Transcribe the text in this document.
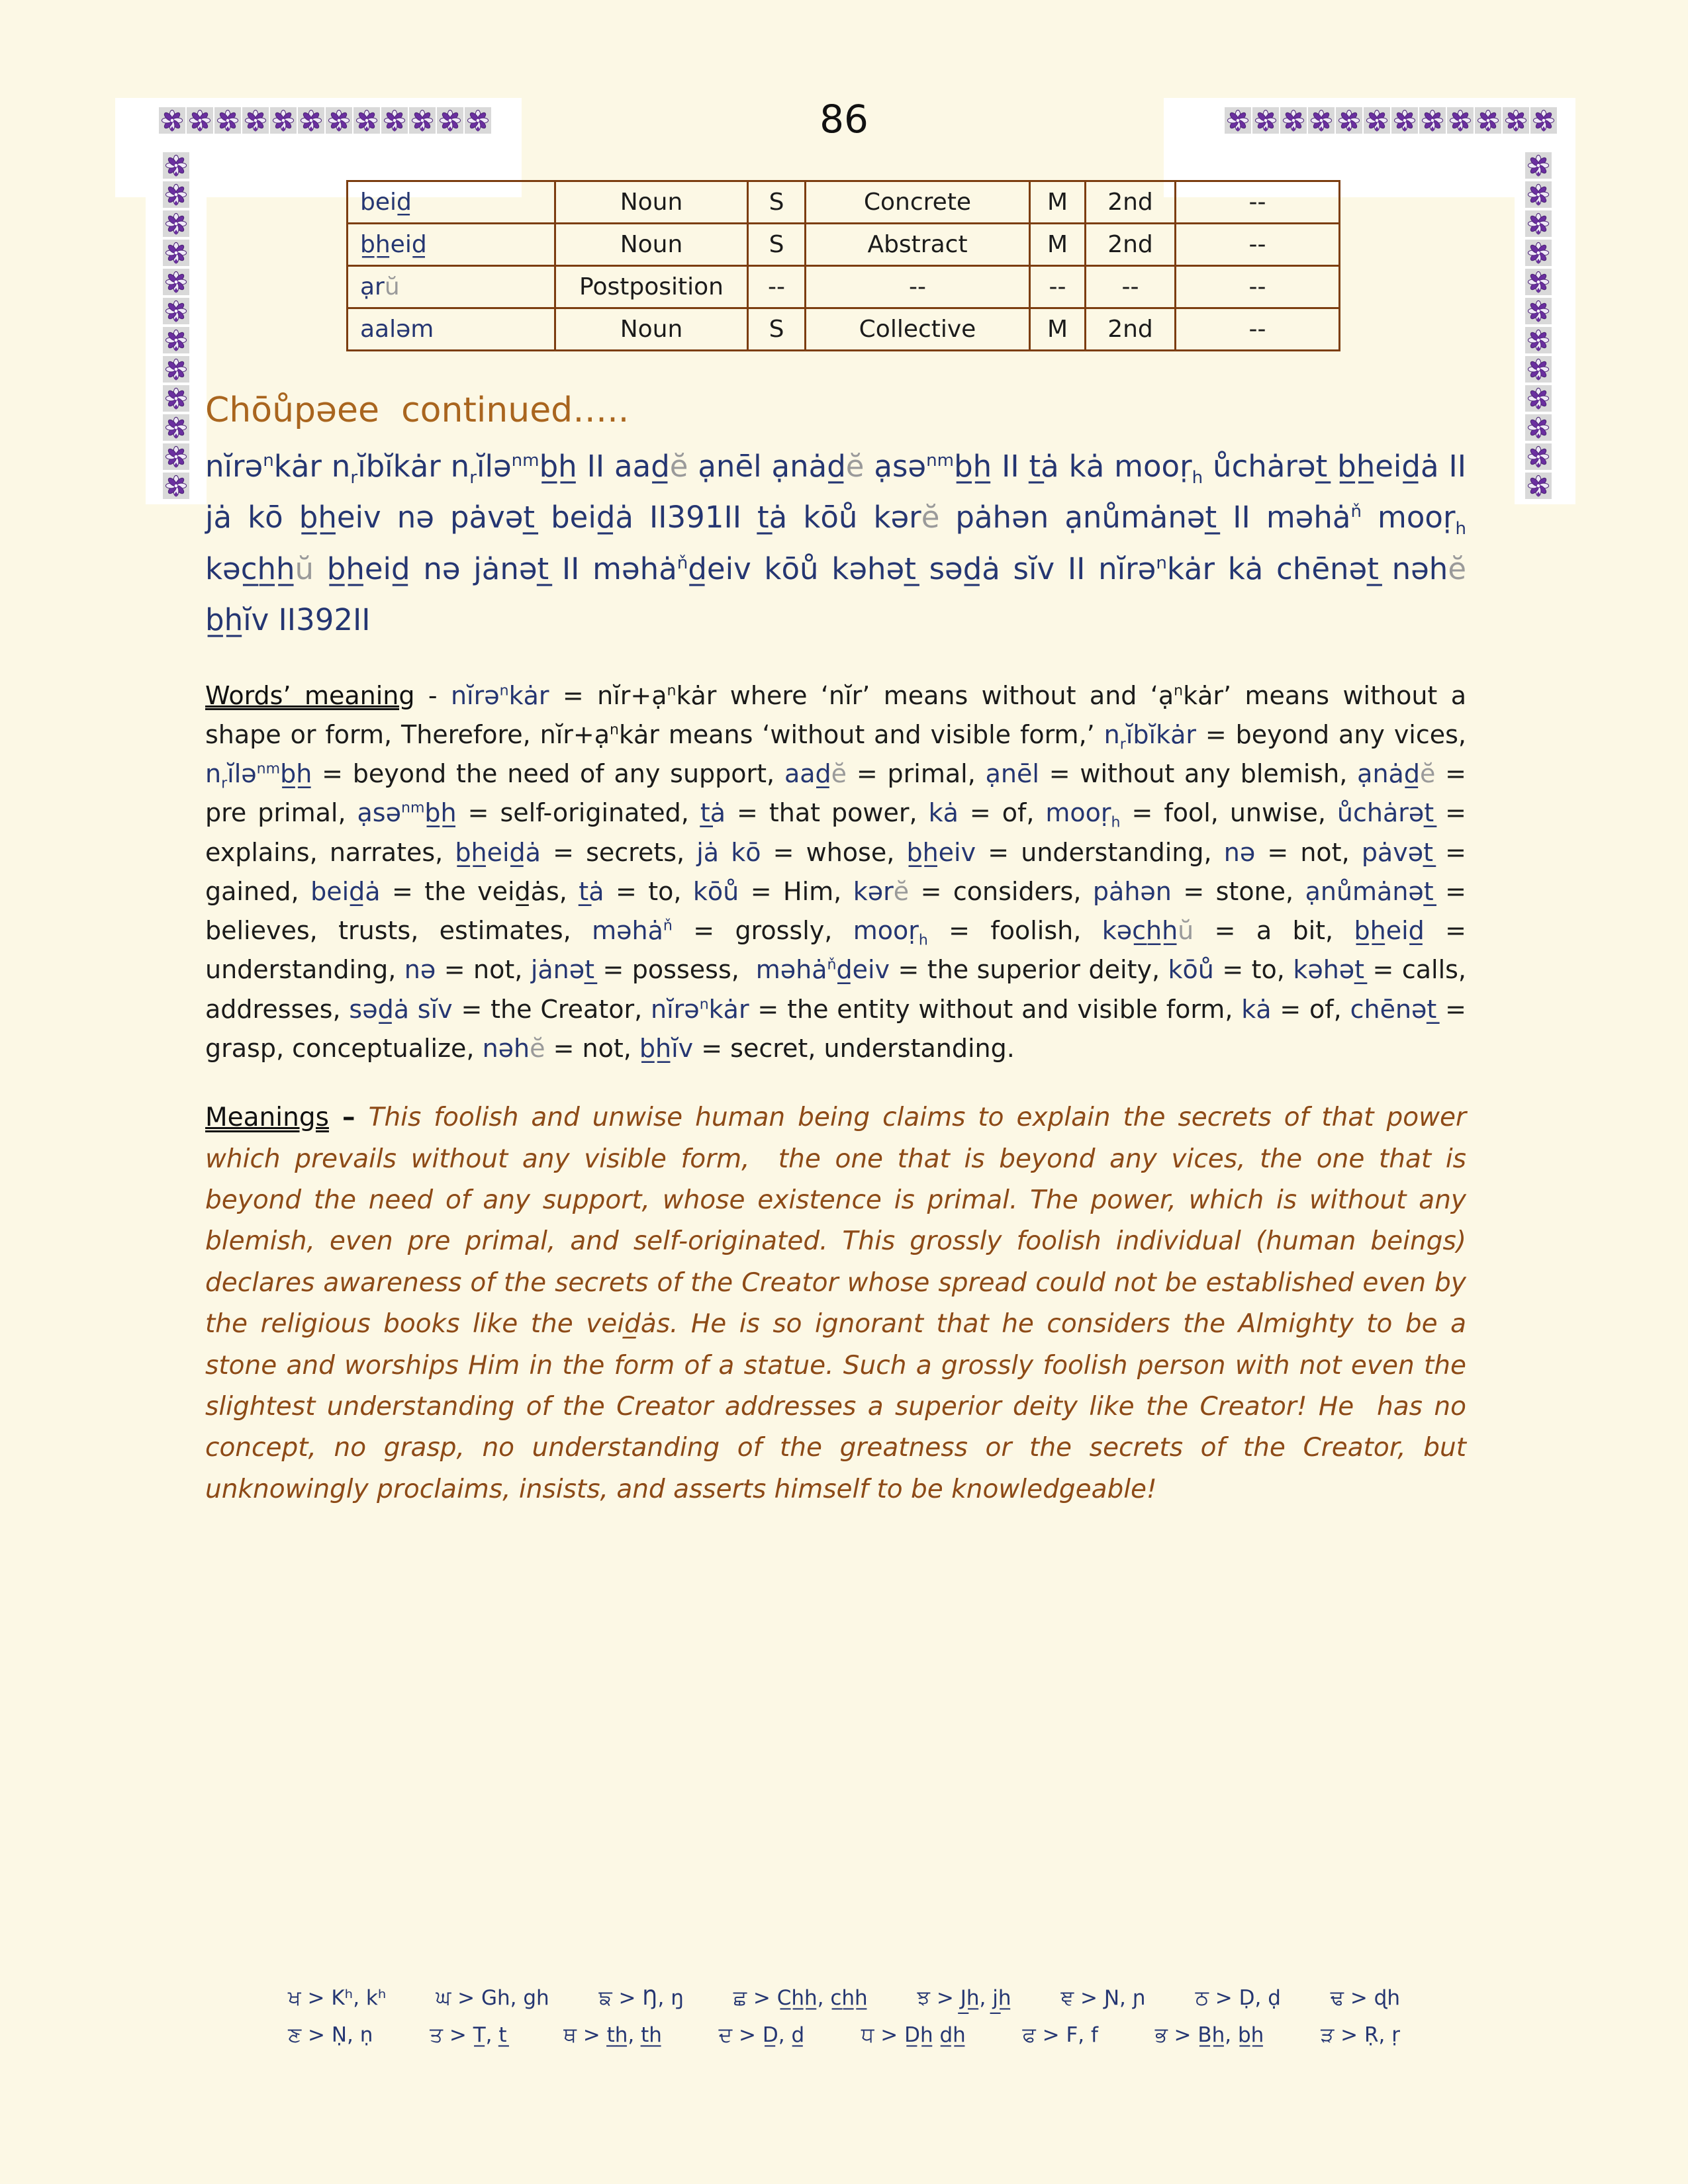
86
beid̲	Noun	S	Concrete	M	2nd	--
b̲h̲eid̲	Noun	S	Abstract	M	2nd	--
ạrŭ	Postposition	--	--	--	--	--
aaləm	Noun	S	Collective	M	2nd	--
Chōůpəee  continued…..

nĭrə$^n$kȧr $n_rĭbĭkȧr$ $n_rĭlə^{nm}b̲h̲$ II aad̲ĕ ạnēl ạnȧd̲ĕ ạsə$^{nm}$b̲h̲ II t̲ȧ kȧ mooṛ$_h$ ůchȧrət̲ b̲h̲eid̲ȧ II jȧ kō b̲h̲eiv nə pȧvət̲ beid̲ȧ II391II t̲ȧ kōů kərĕ pȧhən ạnůmȧnət̲ II məhȧ$^ň$ mooṛ$_h$ kəc̲h̲h̲ŭ b̲h̲eid̲ nə jȧnət̲ II məhȧ$^ň$d̲eiv kōů kəhət̲ səd̲ȧ sĭv II nĭrə$^n$kȧr kȧ chēnət̲ nəhĕ b̲h̲ĭv II392II

Words’ meaning - nĭrə$^n$kȧr = nĭr+ạ$^n$kȧr where ‘nĭr’ means without and ‘ạ$^n$kȧr’ means without a shape or form, Therefore, nĭr+ạ$^n$kȧr means ‘without and visible form,’ $n_rĭbĭkȧr$ = beyond any vices, $n_rĭlə^{nm}b̲h̲$ = beyond the need of any support, aad̲ĕ = primal, ạnēl = without any blemish, ạnȧd̲ĕ = pre primal, ạsə$^{nm}$b̲h̲ = self-originated, t̲ȧ = that power, kȧ = of, mooṛ$_h$ = fool, unwise, ůchȧrət̲ = explains, narrates, b̲h̲eid̲ȧ = secrets, jȧ kō = whose, b̲h̲eiv = understanding, nə = not, pȧvət̲ = gained, beid̲ȧ = the veid̲ȧs, t̲ȧ = to, kōů = Him, kərĕ = considers, pȧhən = stone, ạnůmȧnət̲ = believes, trusts, estimates, məhȧ$^ň$ = grossly, mooṛ$_h$ = foolish, kəc̲h̲h̲ŭ = a bit, b̲h̲eid̲ = understanding, nə = not, jȧnət̲ = possess,  məhȧ$^ň$d̲eiv = the superior deity, kōů = to, kəhət̲ = calls, addresses, səd̲ȧ sĭv = the Creator, nĭrə$^n$kȧr = the entity without and visible form, kȧ = of, chēnət̲ = grasp, conceptualize, nəhĕ = not, b̲h̲ĭv = secret, understanding.

Meanings – This foolish and unwise human being claims to explain the secrets of that power which prevails without any visible form,  the one that is beyond any vices, the one that is beyond the need of any support, whose existence is primal. The power, which is without any blemish, even pre primal, and self-originated. This grossly foolish individual (human beings) declares awareness of the secrets of the Creator whose spread could not be established even by the religious books like the veid̲ȧs. He is so ignorant that he considers the Almighty to be a stone and worships Him in the form of a statue. Such a grossly foolish person with not even the slightest understanding of the Creator addresses a superior deity like the Creator! He  has no concept, no grasp, no understanding of the greatness or the secrets of the Creator, but unknowingly proclaims, insists, and asserts himself to be knowledgeable!

ਖ > Kʰ, kʰ ਘ > Gh, gh ਙ > Ŋ, ŋ ਛ > C̲h̲h̲, c̲h̲h̲ ਝ > J̲h̲, j̲h̲ ਞ > Ɲ, ɲ ਠ > Ḍ, ḍ ਢ > ɖh
ਣ > Ṇ, ṇ	ਤ > T̲, t̲	ਥ > t̲h̲, t̲h̲	ਦ > D̲, d̲	ਧ > D̲h̲ d̲h̲	ਫ > F, f	ਭ > B̲h̲, b̲h̲	ੜ > Ṛ, ṛ
